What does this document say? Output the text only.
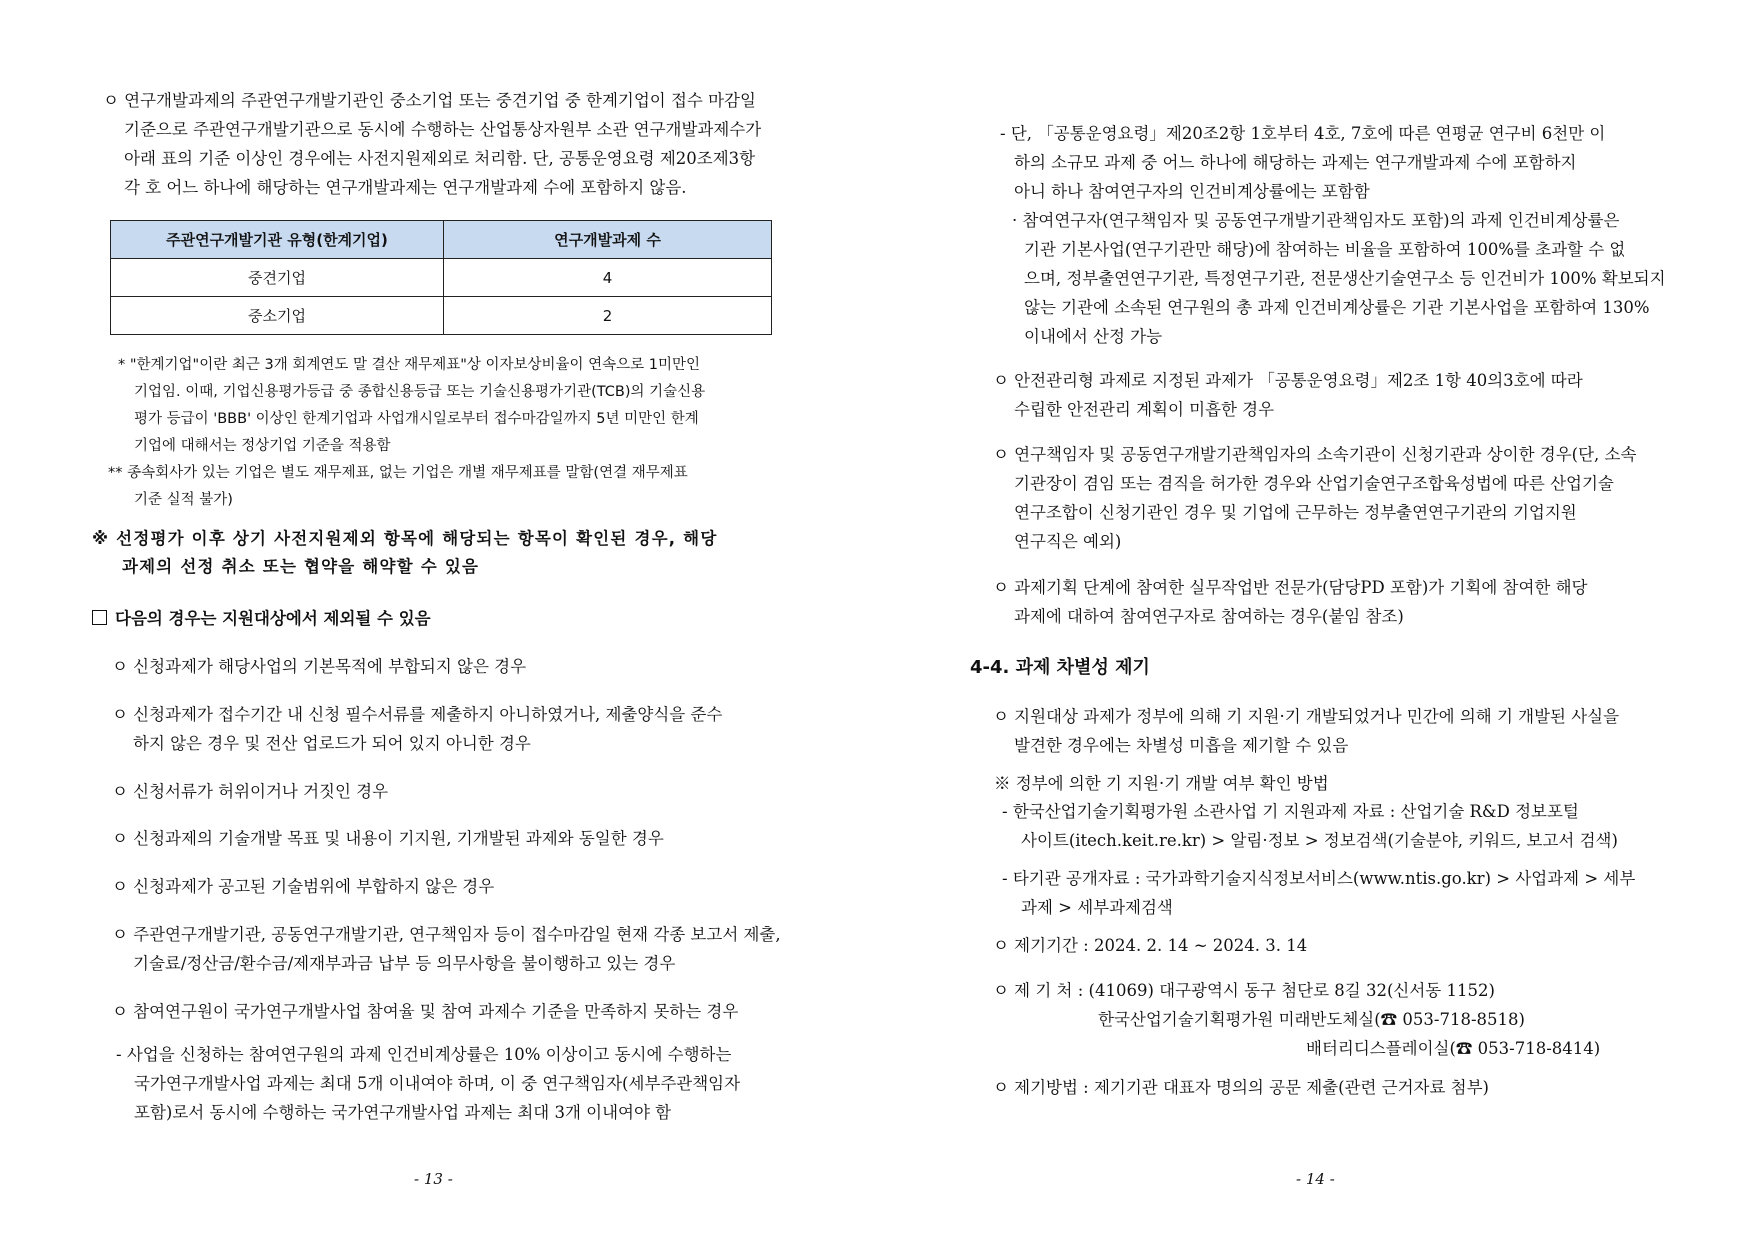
ㅇ 연구개발과제의 주관연구개발기관인 중소기업 또는 중견기업 중 한계기업이 접수 마감일

기준으로 주관연구개발기관으로 동시에 수행하는 산업통상자원부 소관 연구개발과제수가

아래 표의 기준 이상인 경우에는 사전지원제외로 처리함. 단, 공통운영요령 제20조제3항

각 호 어느 하나에 해당하는 연구개발과제는 연구개발과제 수에 포함하지 않음.

주관연구개발기관 유형(한계기업)	연구개발과제 수
중견기업	4
중소기업	2

* "한계기업"이란 최근 3개 회계연도 말 결산 재무제표"상 이자보상비율이 연속으로 1미만인

기업임. 이때, 기업신용평가등급 중 종합신용등급 또는 기술신용평가기관(TCB)의 기술신용

평가 등급이 'BBB' 이상인 한계기업과 사업개시일로부터 접수마감일까지 5년 미만인 한계

기업에 대해서는 정상기업 기준을 적용함

** 종속회사가 있는 기업은 별도 재무제표, 없는 기업은 개별 재무제표를 말함(연결 재무제표

기준 실적 불가)

※ 선정평가 이후 상기 사전지원제외 항목에 해당되는 항목이 확인된 경우, 해당

과제의 선정 취소 또는 협약을 해약할 수 있음

다음의 경우는 지원대상에서 제외될 수 있음

ㅇ 신청과제가 해당사업의 기본목적에 부합되지 않은 경우

ㅇ 신청과제가 접수기간 내 신청 필수서류를 제출하지 아니하였거나, 제출양식을 준수

하지 않은 경우 및 전산 업로드가 되어 있지 아니한 경우

ㅇ 신청서류가 허위이거나 거짓인 경우

ㅇ 신청과제의 기술개발 목표 및 내용이 기지원, 기개발된 과제와 동일한 경우

ㅇ 신청과제가 공고된 기술범위에 부합하지 않은 경우

ㅇ 주관연구개발기관, 공동연구개발기관, 연구책임자 등이 접수마감일 현재 각종 보고서 제출,

기술료/정산금/환수금/제재부과금 납부 등 의무사항을 불이행하고 있는 경우

ㅇ 참여연구원이 국가연구개발사업 참여율 및 참여 과제수 기준을 만족하지 못하는 경우

- 사업을 신청하는 참여연구원의 과제 인건비계상률은 10% 이상이고 동시에 수행하는

국가연구개발사업 과제는 최대 5개 이내여야 하며, 이 중 연구책임자(세부주관책임자

포함)로서 동시에 수행하는 국가연구개발사업 과제는 최대 3개 이내여야 함

- 13 -

- 단, 「공통운영요령」제20조2항 1호부터 4호, 7호에 따른 연평균 연구비 6천만 이

하의 소규모 과제 중 어느 하나에 해당하는 과제는 연구개발과제 수에 포함하지

아니 하나 참여연구자의 인건비계상률에는 포함함

· 참여연구자(연구책임자 및 공동연구개발기관책임자도 포함)의 과제 인건비계상률은

기관 기본사업(연구기관만 해당)에 참여하는 비율을 포함하여 100%를 초과할 수 없

으며, 정부출연연구기관, 특정연구기관, 전문생산기술연구소 등 인건비가 100% 확보되지

않는 기관에 소속된 연구원의 총 과제 인건비계상률은 기관 기본사업을 포함하여 130%

이내에서 산정 가능

ㅇ 안전관리형 과제로 지정된 과제가 「공통운영요령」제2조 1항 40의3호에 따라

수립한 안전관리 계획이 미흡한 경우

ㅇ 연구책임자 및 공동연구개발기관책임자의 소속기관이 신청기관과 상이한 경우(단, 소속

기관장이 겸임 또는 겸직을 허가한 경우와 산업기술연구조합육성법에 따른 산업기술

연구조합이 신청기관인 경우 및 기업에 근무하는 정부출연연구기관의 기업지원

연구직은 예외)

ㅇ 과제기획 단계에 참여한 실무작업반 전문가(담당PD 포함)가 기획에 참여한 해당

과제에 대하여 참여연구자로 참여하는 경우(붙임 참조)

4-4. 과제 차별성 제기

ㅇ 지원대상 과제가 정부에 의해 기 지원·기 개발되었거나 민간에 의해 기 개발된 사실을

발견한 경우에는 차별성 미흡을 제기할 수 있음

※ 정부에 의한 기 지원·기 개발 여부 확인 방법

- 한국산업기술기획평가원 소관사업 기 지원과제 자료 : 산업기술 R&D 정보포털

사이트(itech.keit.re.kr) > 알림·정보 > 정보검색(기술분야, 키워드, 보고서 검색)

- 타기관 공개자료 : 국가과학기술지식정보서비스(www.ntis.go.kr) > 사업과제 > 세부

과제 > 세부과제검색

ㅇ 제기기간 : 2024. 2. 14 ~ 2024. 3. 14

ㅇ 제 기 처 : (41069) 대구광역시 동구 첨단로 8길 32(신서동 1152)

한국산업기술기획평가원 미래반도체실(☎ 053-718-8518)

배터리디스플레이실(☎ 053-718-8414)

ㅇ 제기방법 : 제기기관 대표자 명의의 공문 제출(관련 근거자료 첨부)

- 14 -
